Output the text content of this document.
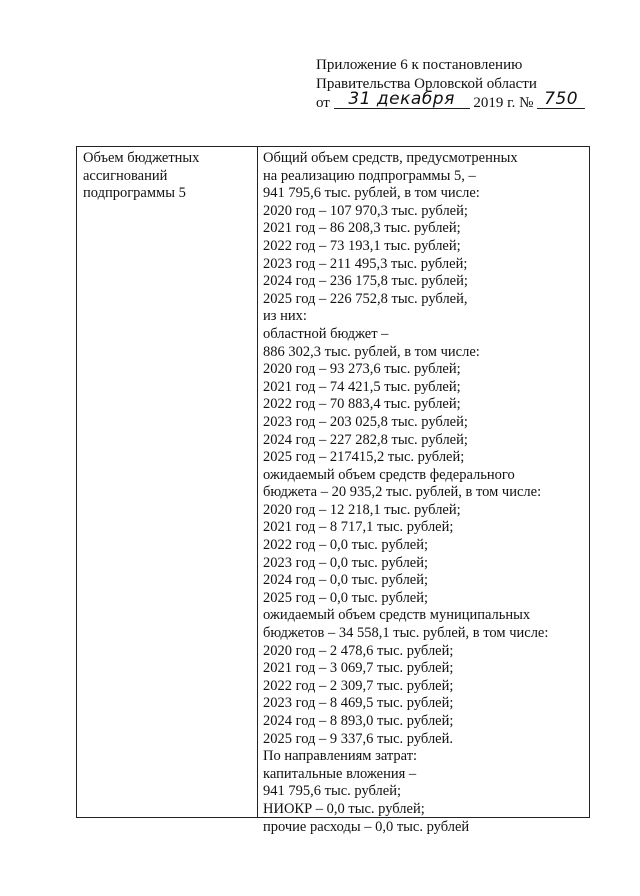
Приложение 6 к постановлению
Правительства Орловской области
от 31 декабря 2019 г. № 750
Объем бюджетных
ассигнований
подпрограммы 5
Общий объем средств, предусмотренных
на реализацию подпрограммы 5, –
941 795,6 тыс. рублей, в том числе:
2020 год – 107 970,3 тыс. рублей;
2021 год – 86 208,3 тыс. рублей;
2022 год – 73 193,1 тыс. рублей;
2023 год – 211 495,3 тыс. рублей;
2024 год – 236 175,8 тыс. рублей;
2025 год – 226 752,8 тыс. рублей,
из них:
областной бюджет –
886 302,3 тыс. рублей, в том числе:
2020 год – 93 273,6 тыс. рублей;
2021 год – 74 421,5 тыс. рублей;
2022 год – 70 883,4 тыс. рублей;
2023 год – 203 025,8 тыс. рублей;
2024 год – 227 282,8 тыс. рублей;
2025 год – 217415,2 тыс. рублей;
ожидаемый объем средств федерального
бюджета – 20 935,2 тыс. рублей, в том числе:
2020 год – 12 218,1 тыс. рублей;
2021 год – 8 717,1 тыс. рублей;
2022 год – 0,0 тыс. рублей;
2023 год – 0,0 тыс. рублей;
2024 год – 0,0 тыс. рублей;
2025 год – 0,0 тыс. рублей;
ожидаемый объем средств муниципальных
бюджетов – 34 558,1 тыс. рублей, в том числе:
2020 год – 2 478,6 тыс. рублей;
2021 год – 3 069,7 тыс. рублей;
2022 год – 2 309,7 тыс. рублей;
2023 год – 8 469,5 тыс. рублей;
2024 год – 8 893,0 тыс. рублей;
2025 год – 9 337,6 тыс. рублей.
По направлениям затрат:
капитальные вложения –
941 795,6 тыс. рублей;
НИОКР – 0,0 тыс. рублей;
прочие расходы – 0,0 тыс. рублей
